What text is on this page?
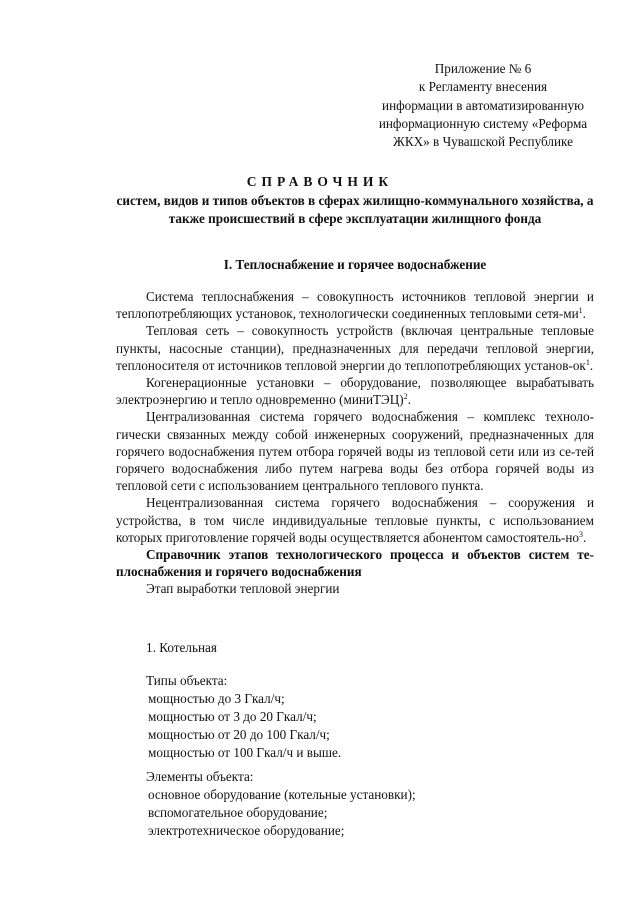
Приложение № 6
к Регламенту внесения
информации в автоматизированную
информационную систему «Реформа
ЖКХ» в Чувашской Республике
СПРАВОЧНИК
систем, видов и типов объектов в сферах жилищно-коммунального хозяйства, а также происшествий в сфере эксплуатации жилищного фонда
I. Теплоснабжение и горячее водоснабжение

Система теплоснабжения – совокупность источников тепловой энергии и теплопотребляющих установок, технологически соединенных тепловыми сетя-$ми^1$.

Тепловая сеть – совокупность устройств (включая центральные тепловые пункты, насосные станции), предназначенных для передачи тепловой энергии, теплоносителя от источников тепловой энергии до теплопотребляющих установ-$ок^1$.

Когенерационные установки – оборудование, позволяющее вырабатывать электроэнергию и тепло одновременно (миниТЭЦ)$^2$.

Централизованная система горячего водоснабжения – комплекс техноло-гически связанных между собой инженерных сооружений, предназначенных для горячего водоснабжения путем отбора горячей воды из тепловой сети или из се-тей горячего водоснабжения либо путем нагрева воды без отбора горячей воды из тепловой сети с использованием центрального теплового пункта.

Нецентрализованная система горячего водоснабжения – сооружения и устройства, в том числе индивидуальные тепловые пункты, с использованием которых приготовление горячей воды осуществляется абонентом самостоятель-$но^3$.

Справочник этапов технологического процесса и объектов систем те-плоснабжения и горячего водоснабжения

Этап выработки тепловой энергии

1. Котельная
Типы объекта:
мощностью до 3 Гкал/ч;
мощностью от 3 до 20 Гкал/ч;
мощностью от 20 до 100 Гкал/ч;
мощностью от 100 Гкал/ч и выше.
Элементы объекта:
основное оборудование (котельные установки);
вспомогательное оборудование;
электротехническое оборудование;
